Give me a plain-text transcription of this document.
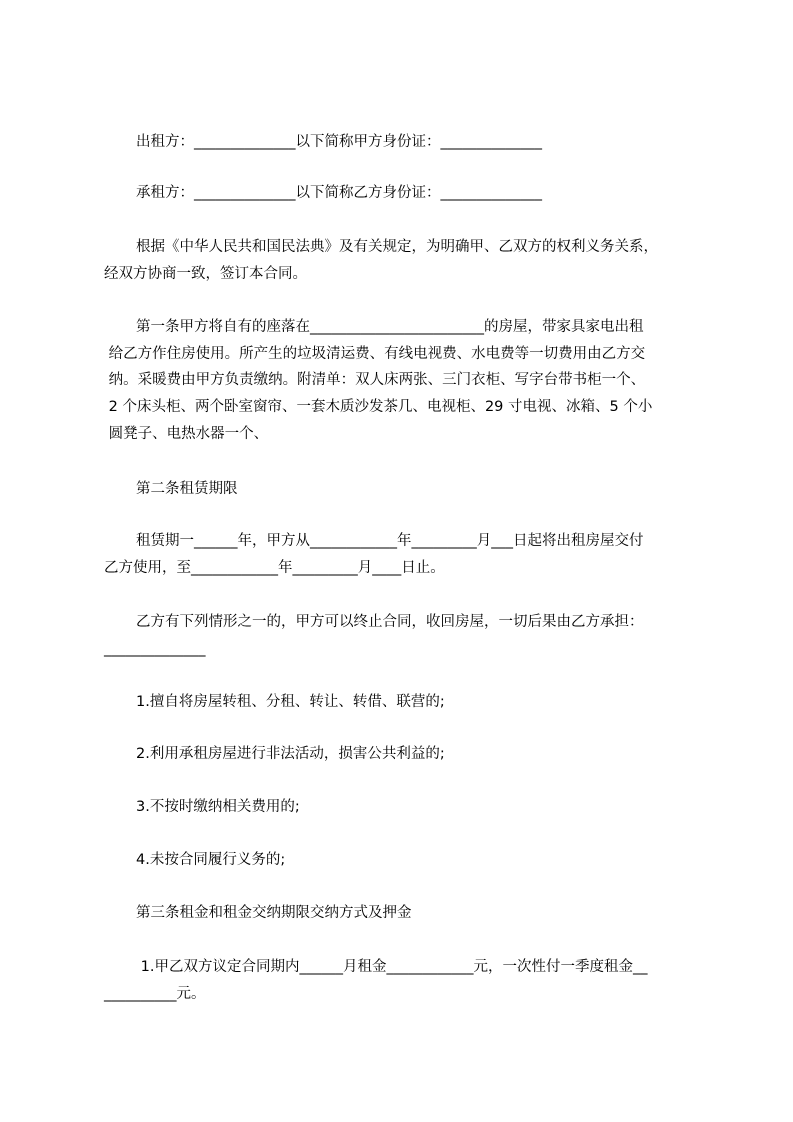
出租方：______________以下简称甲方身份证：______________

承租方：______________以下简称乙方身份证：______________

根据《中华人民共和国民法典》及有关规定，为明确甲、乙双方的权利义务关系，

经双方协商一致，签订本合同。

第一条甲方将自有的座落在________________________的房屋，带家具家电出租

给乙方作住房使用。所产生的垃圾清运费、有线电视费、水电费等一切费用由乙方交

纳。采暖费由甲方负责缴纳。附清单：双人床两张、三门衣柜、写字台带书柜一个、

2 个床头柜、两个卧室窗帘、一套木质沙发茶几、电视柜、29 寸电视、冰箱、5 个小

圆凳子、电热水器一个、

第二条租赁期限

租赁期一______年，甲方从____________年_________月___日起将出租房屋交付

乙方使用，至____________年_________月____日止。

乙方有下列情形之一的，甲方可以终止合同，收回房屋，一切后果由乙方承担：

______________

1.擅自将房屋转租、分租、转让、转借、联营的;

2.利用承租房屋进行非法活动，损害公共利益的;

3.不按时缴纳相关费用的;

4.未按合同履行义务的;

第三条租金和租金交纳期限交纳方式及押金

1.甲乙双方议定合同期内______月租金____________元，一次性付一季度租金__

__________元。
